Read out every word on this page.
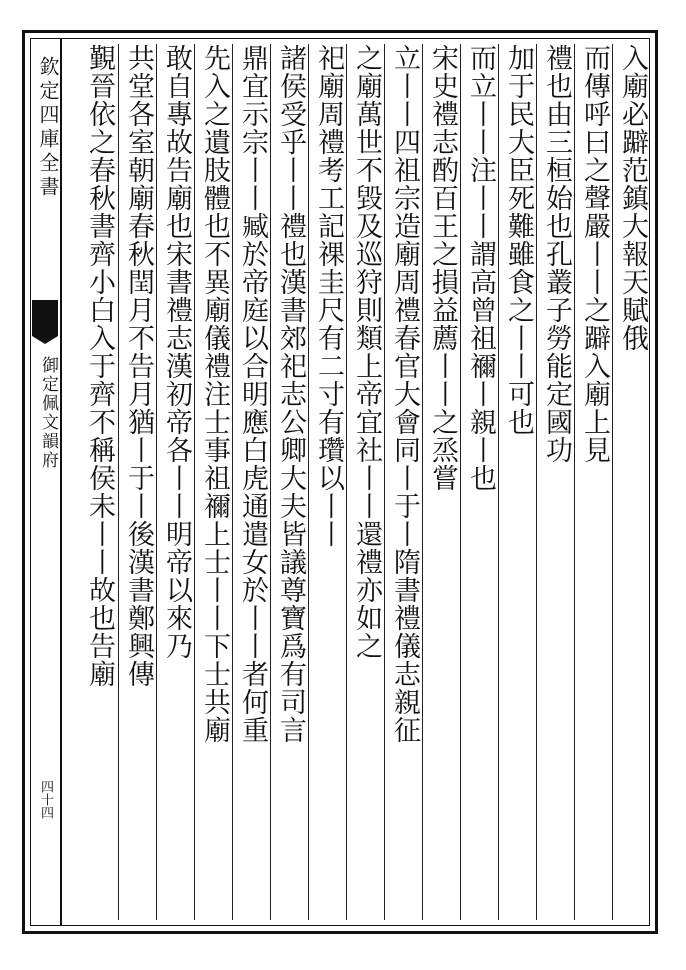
欽定四庫全書
御定佩文韻府
四十四
入廟必躃范鎮大報天賦俄
而傳呼曰之聲嚴丨丨之躃入廟上見
禮也由三桓始也孔叢子勞能定國功
加于民大臣死難雖食之丨丨可也
而立丨丨注丨丨謂高曾祖禰丨親丨也
宋史禮志酌百王之損益薦丨丨之烝嘗
立丨丨四祖宗造廟周禮春官大會同丨于丨隋書禮儀志親征
之廟萬世不毀及巡狩則類上帝宜社丨丨還禮亦如之
祀廟周禮考工記祼圭尺有二寸有瓚以丨丨
諸侯受乎丨丨禮也漢書郊祀志公卿大夫皆議尊寶爲有司言
鼎宜示宗丨丨臧於帝庭以合明應白虎通遣女於丨丨者何重
先入之遺肢體也不異廟儀禮注士事祖禰上士丨丨下士共廟
敢自專故告廟也宋書禮志漢初帝各丨丨明帝以來乃
共堂各室朝廟春秋閏月不告月猶丨于丨後漢書鄭興傳
覲晉依之春秋書齊小白入于齊不稱侯未丨丨故也告廟
